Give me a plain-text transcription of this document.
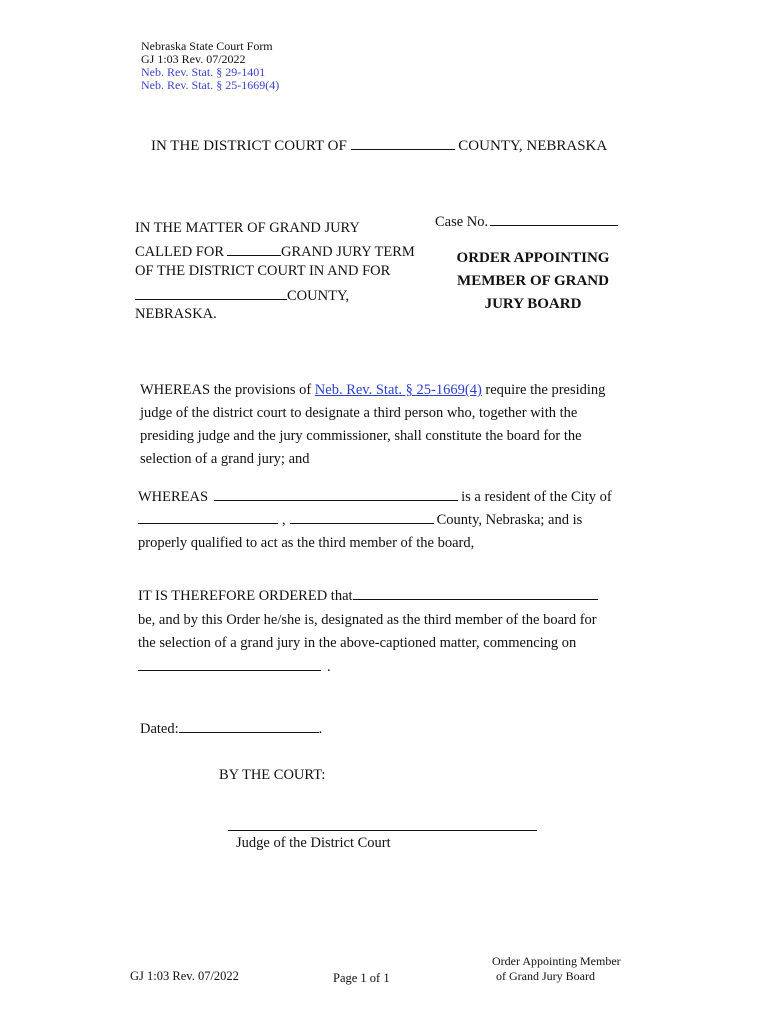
Nebraska State Court Form
GJ 1:03 Rev. 07/2022
Neb. Rev. Stat. § 29-1401
Neb. Rev. Stat. § 25-1669(4)
IN THE DISTRICT COURT OF	COUNTY, NEBRASKA
IN THE MATTER OF GRAND JURY
CALLED FOR	GRAND JURY TERM
OF THE DISTRICT COURT IN AND FOR
COUNTY,
NEBRASKA.
Case No.
ORDER APPOINTING
MEMBER OF GRAND
JURY BOARD
WHEREAS the provisions of Neb. Rev. Stat. § 25-1669(4) require the presiding
judge of the district court to designate a third person who, together with the
presiding judge and the jury commissioner, shall constitute the board for the
selection of a grand jury; and
WHEREAS	is a resident of the City of
,	County, Nebraska; and is
properly qualified to act as the third member of the board,
IT IS THEREFORE ORDERED that
be, and by this Order he/she is, designated as the third member of the board for
the selection of a grand jury in the above-captioned matter, commencing on
.
Dated:	.
BY THE COURT:
Judge of the District Court
GJ 1:03 Rev. 07/2022	Page 1 of 1
Order Appointing Member
of Grand Jury Board
